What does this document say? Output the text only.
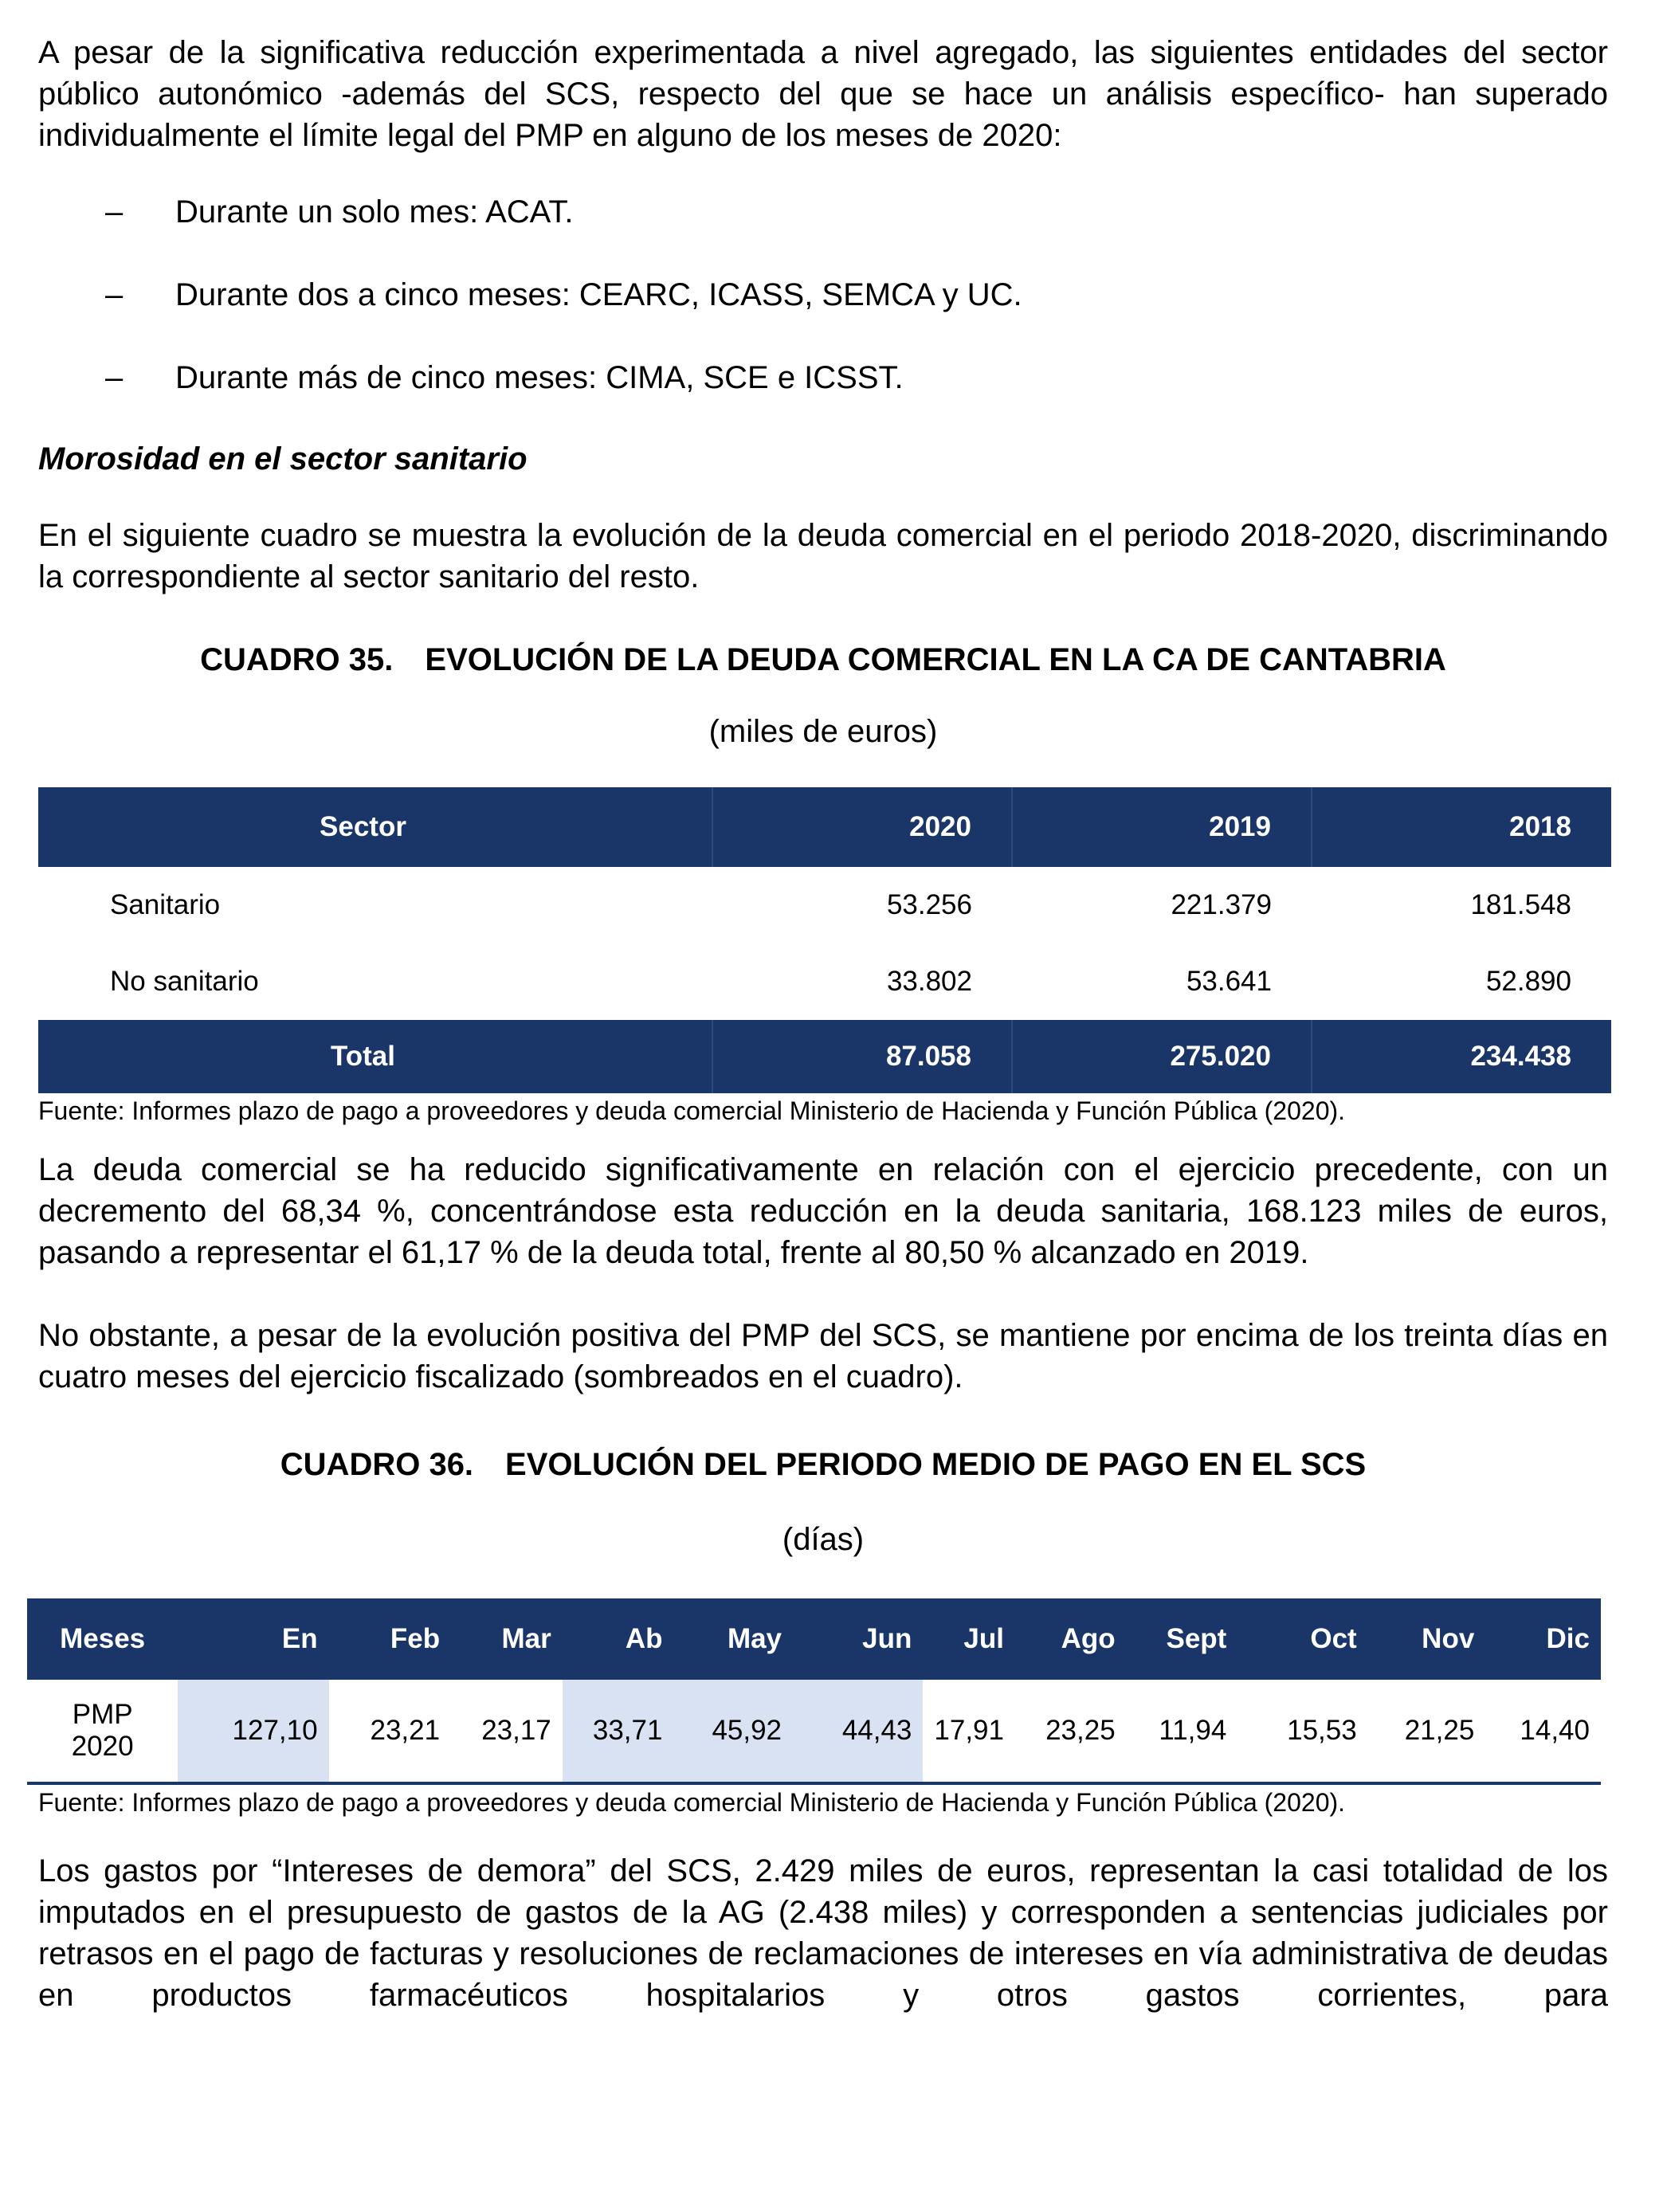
A pesar de la significativa reducción experimentada a nivel agregado, las siguientes entidades del sector público autonómico -además del SCS, respecto del que se hace un análisis específico- han superado individualmente el límite legal del PMP en alguno de los meses de 2020:

– Durante un solo mes: ACAT.
– Durante dos a cinco meses: CEARC, ICASS, SEMCA y UC.
– Durante más de cinco meses: CIMA, SCE e ICSST.

Morosidad en el sector sanitario

En el siguiente cuadro se muestra la evolución de la deuda comercial en el periodo 2018-2020, discriminando la correspondiente al sector sanitario del resto.

CUADRO 35. EVOLUCIÓN DE LA DEUDA COMERCIAL EN LA CA DE CANTABRIA

(miles de euros)

Sector	2020	2019	2018
Sanitario	53.256	221.379	181.548
No sanitario	33.802	53.641	52.890
Total	87.058	275.020	234.438

Fuente: Informes plazo de pago a proveedores y deuda comercial Ministerio de Hacienda y Función Pública (2020).

La deuda comercial se ha reducido significativamente en relación con el ejercicio precedente, con un decremento del 68,34 %, concentrándose esta reducción en la deuda sanitaria, 168.123 miles de euros, pasando a representar el 61,17 % de la deuda total, frente al 80,50 % alcanzado en 2019.

No obstante, a pesar de la evolución positiva del PMP del SCS, se mantiene por encima de los treinta días en cuatro meses del ejercicio fiscalizado (sombreados en el cuadro).

CUADRO 36. EVOLUCIÓN DEL PERIODO MEDIO DE PAGO EN EL SCS

(días)

Meses	En	Feb	Mar	Ab	May	Jun	Jul	Ago	Sept	Oct	Nov	Dic
PMP
2020	127,10	23,21	23,17	33,71	45,92	44,43	17,91	23,25	11,94	15,53	21,25	14,40

Fuente: Informes plazo de pago a proveedores y deuda comercial Ministerio de Hacienda y Función Pública (2020).

Los gastos por “Intereses de demora” del SCS, 2.429 miles de euros, representan la casi totalidad de los imputados en el presupuesto de gastos de la AG (2.438 miles) y corresponden a sentencias judiciales por retrasos en el pago de facturas y resoluciones de reclamaciones de intereses en vía administrativa de deudas en productos farmacéuticos hospitalarios y otros gastos corrientes, para
